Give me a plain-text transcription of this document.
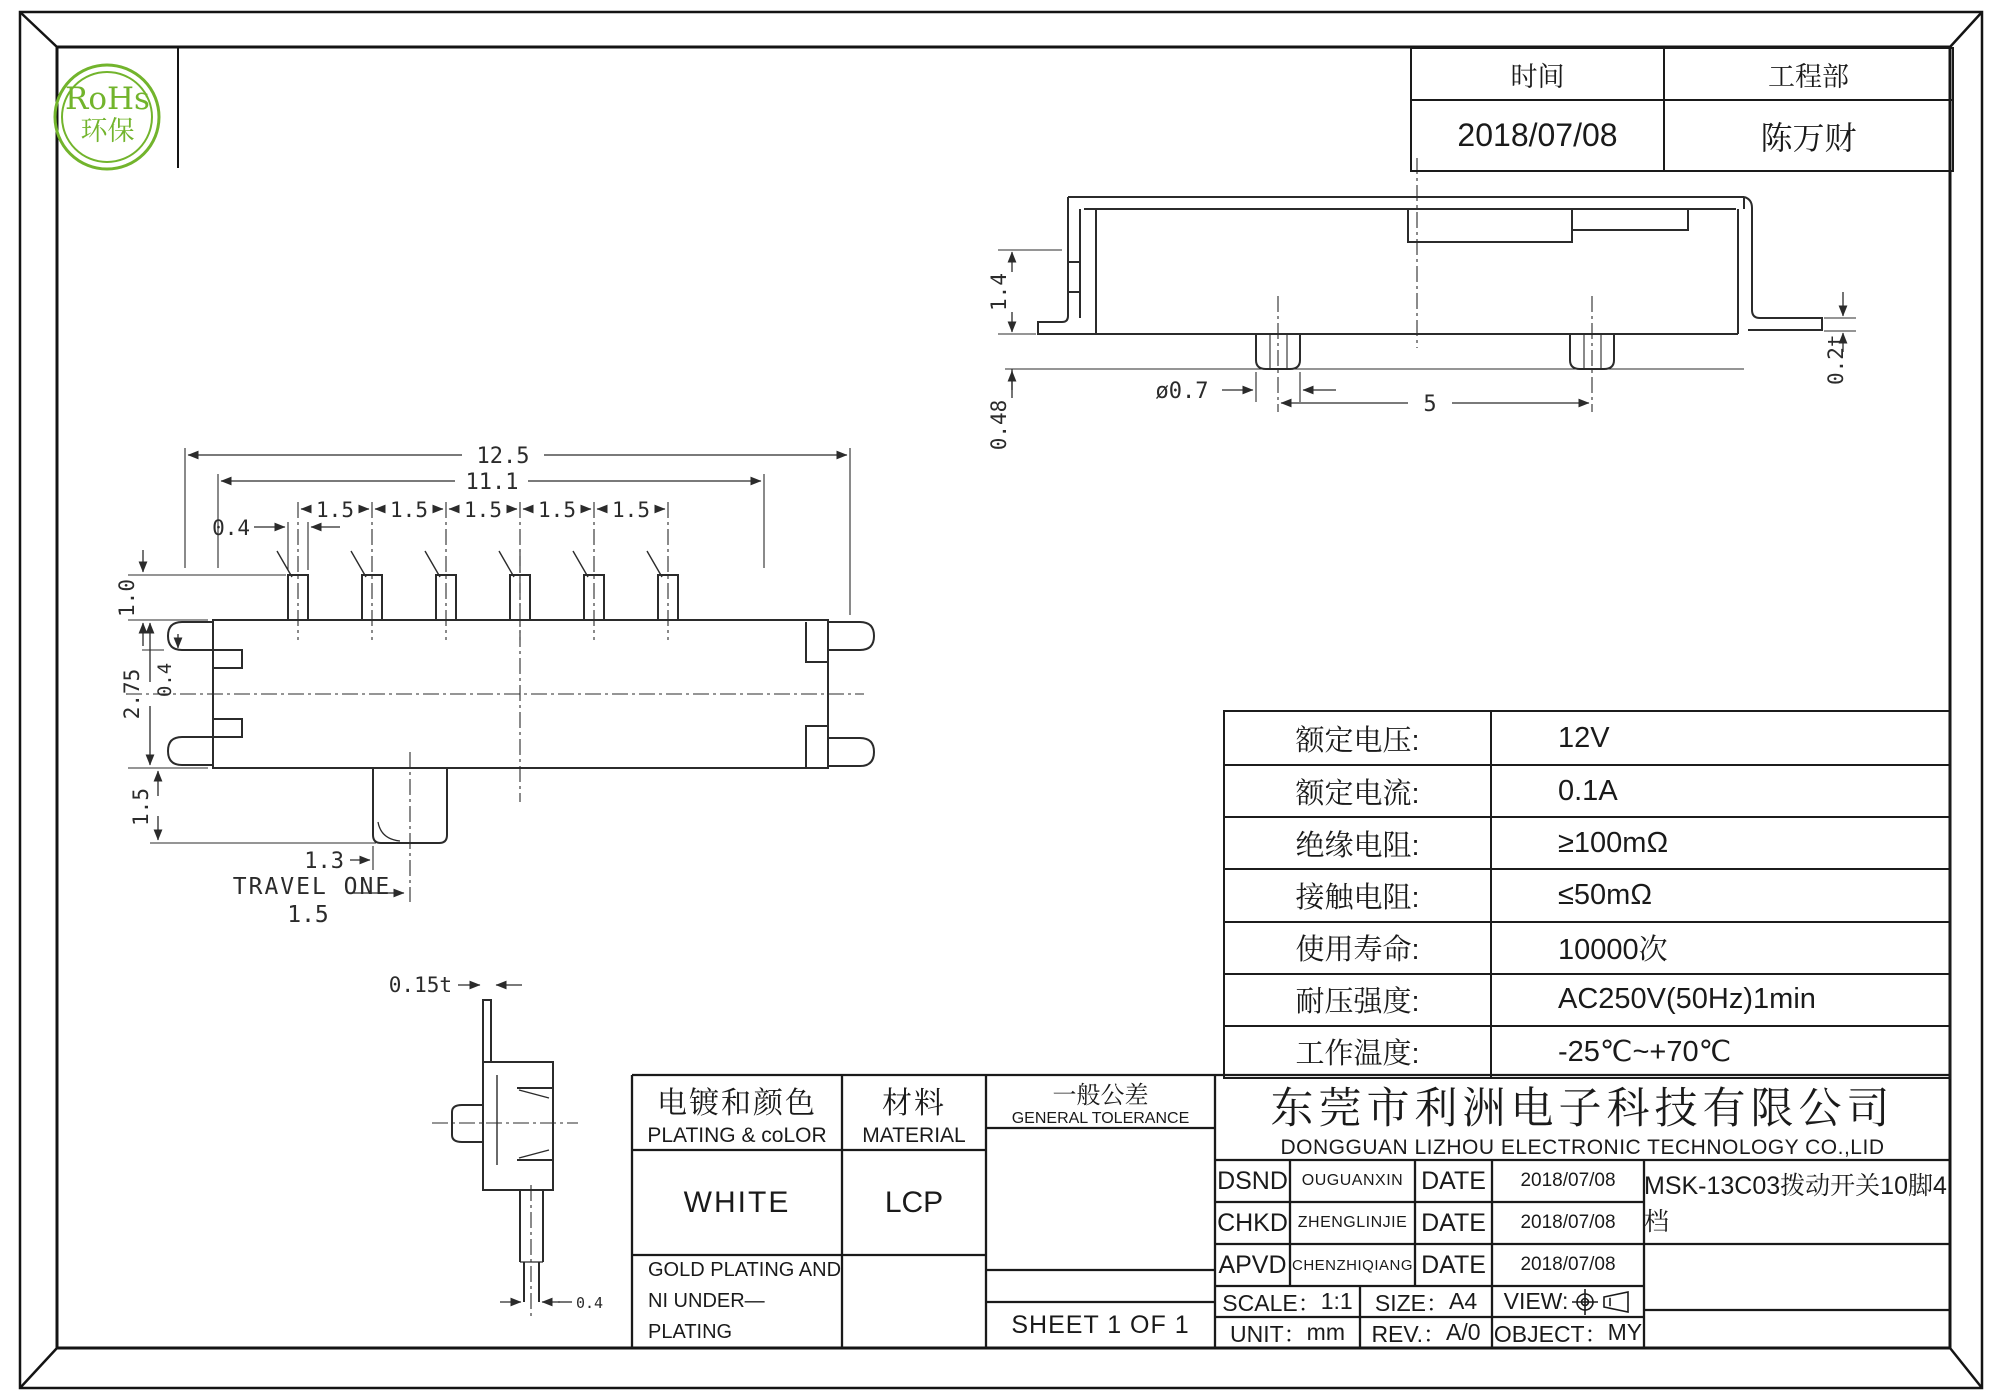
1.4
0.48
ø0.7
5
0.2t
12.5
11.1
1.5 1.5 1.5 1.5 1.5
0.4
1.0
2.75 0.4
1.5
1.3
TRAVEL ONE
1.5
0.15t
0.4
RoHs
环保
时间	工程部
2018/07/08	陈万财
额定电压:	12V
额定电流:	0.1A
绝缘电阻:	≥100mΩ
接触电阻:	≤50mΩ
使用寿命:	10000次
耐压强度:	AC250V(50Hz)1min
工作温度:	-25℃~+70℃
电镀和颜色
PLATING & coLOR
材料
MATERIAL
一般公差
GENERAL TOLERANCE
WHITE	LCP
GOLD PLATING AND
NI UNDER—PLATING	SHEET 1 OF 1
东莞市利洲电子科技有限公司
DONGGUAN LIZHOU ELECTRONIC TECHNOLOGY CO.,LID
DSND OUGUANXIN DATE	2018/07/08
CHKD ZHENGLINJIE DATE	2018/07/08
APVD CHENZHIQIANG DATE	2018/07/08
MSK-13C03拨动开关10脚4档
SCALE： 1:1 SIZE： A4 VIEW:
UNIT： mm REV.： A/0 OBJECT： MY
